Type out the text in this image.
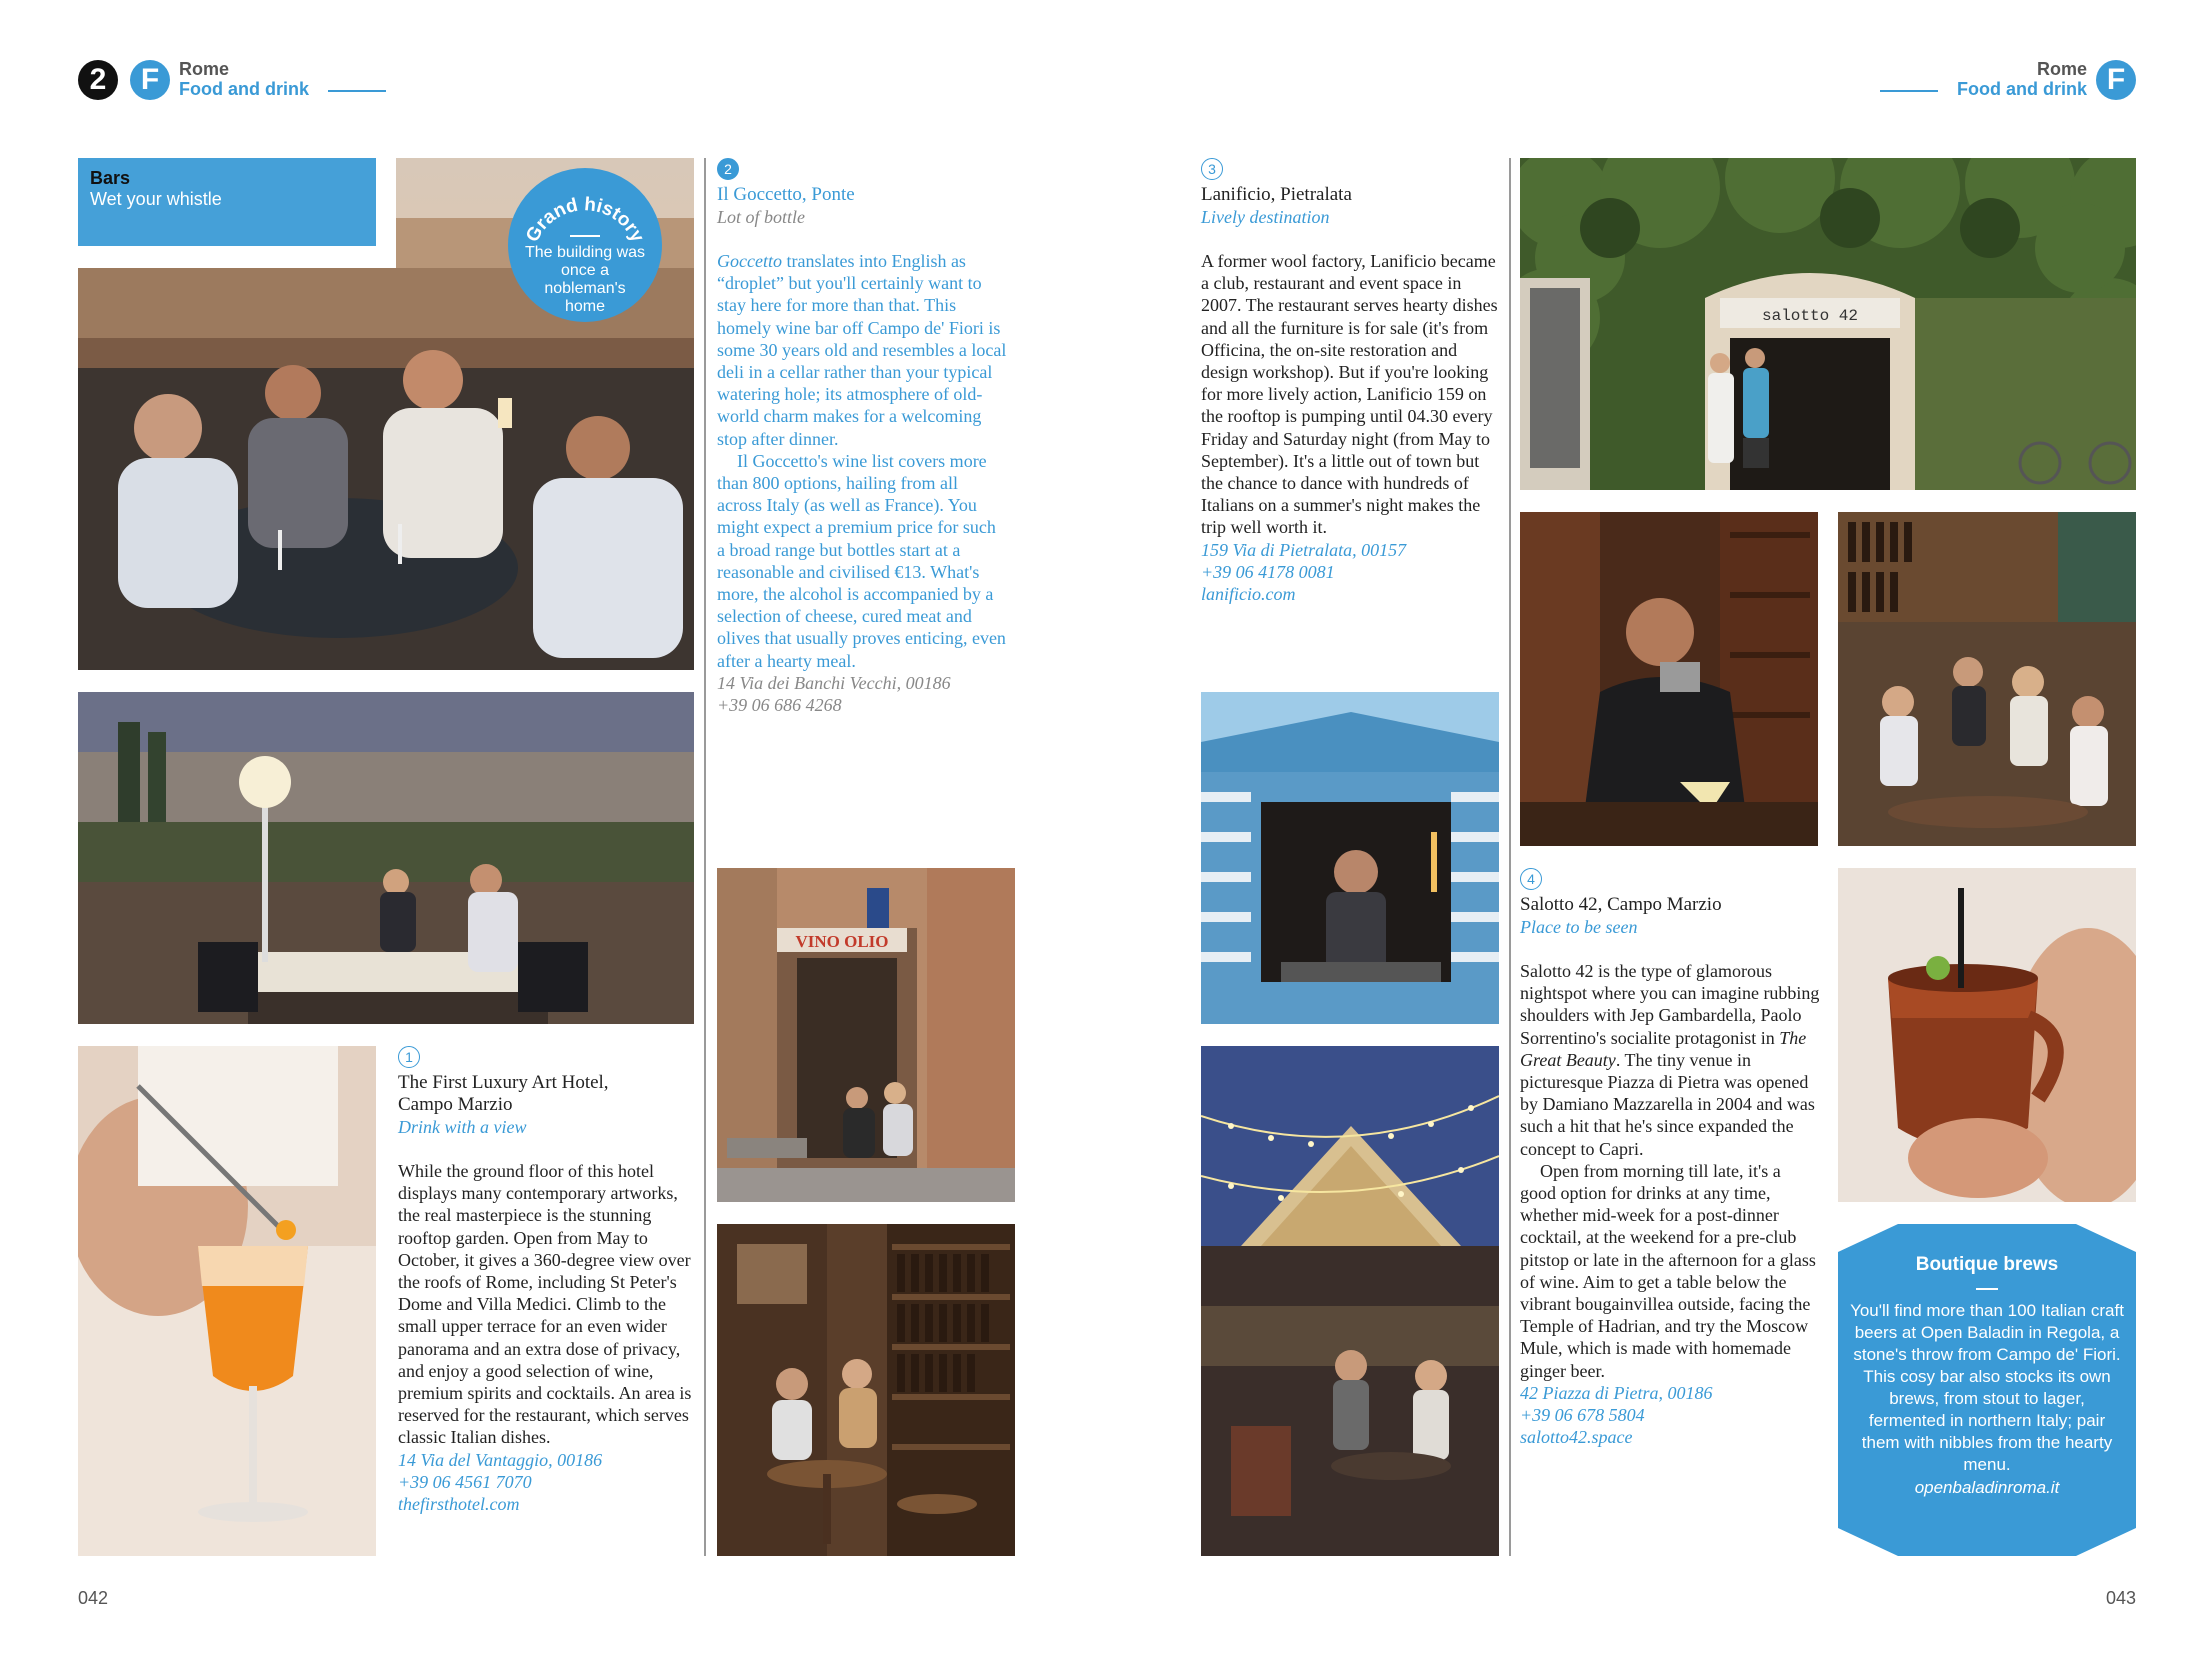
2 F Rome
Food and drink
Rome
Food and drink F
Bars
Wet your whistle
Grand history
The building was once a nobleman's home
VINO OLIO
salotto 42
1
The First Luxury Art Hotel,
Campo Marzio
Drink with a view
While the ground floor of this hotel displays many contemporary artworks, the real masterpiece is the stunning rooftop garden. Open from May to October, it gives a 360-degree view over the roofs of Rome, including St Peter's Dome and Villa Medici. Climb to the small upper terrace for an even wider panorama and an extra dose of privacy, and enjoy a good selection of wine, premium spirits and cocktails. An area is reserved for the restaurant, which serves classic Italian dishes.
14 Via del Vantaggio, 00186
+39 06 4561 7070
thefirsthotel.com
2
Il Goccetto, Ponte
Lot of bottle

Goccetto translates into English as “droplet” but you'll certainly want to stay here for more than that. This homely wine bar off Campo de' Fiori is some 30 years old and resembles a local deli in a cellar rather than your typical watering hole; its atmosphere of old-world charm makes for a welcoming stop after dinner.

Il Goccetto's wine list covers more than 800 options, hailing from all across Italy (as well as France). You might expect a premium price for such a broad range but bottles start at a reasonable and civilised €13. What's more, the alcohol is accompanied by a selection of cheese, cured meat and olives that usually proves enticing, even after a hearty meal.

14 Via dei Banchi Vecchi, 00186
+39 06 686 4268
3
Lanificio, Pietralata
Lively destination
A former wool factory, Lanificio became a club, restaurant and event space in 2007. The restaurant serves hearty dishes and all the furniture is for sale (it's from Officina, the on-site restoration and design workshop). But if you're looking for more lively action, Lanificio 159 on the rooftop is pumping until 04.30 every Friday and Saturday night (from May to September). It's a little out of town but the chance to dance with hundreds of Italians on a summer's night makes the trip well worth it.
159 Via di Pietralata, 00157
+39 06 4178 0081
lanificio.com
4
Salotto 42, Campo Marzio
Place to be seen

Salotto 42 is the type of glamorous nightspot where you can imagine rubbing shoulders with Jep Gambardella, Paolo Sorrentino's socialite protagonist in The Great Beauty. The tiny venue in picturesque Piazza di Pietra was opened by Damiano Mazzarella in 2004 and was such a hit that he's since expanded the concept to Capri.

Open from morning till late, it's a good option for drinks at any time, whether mid-week for a post-dinner cocktail, at the weekend for a pre-club pitstop or late in the afternoon for a glass of wine. Aim to get a table below the vibrant bougainvillea outside, facing the Temple of Hadrian, and try the Moscow Mule, which is made with homemade ginger beer.

42 Piazza di Pietra, 00186
+39 06 678 5804
salotto42.space
Boutique brews
You'll find more than 100 Italian craft beers at Open Baladin in Regola, a stone's throw from Campo de' Fiori. This cosy bar also stocks its own brews, from stout to lager, fermented in northern Italy; pair them with nibbles from the hearty menu.
openbaladinroma.it
042	043
